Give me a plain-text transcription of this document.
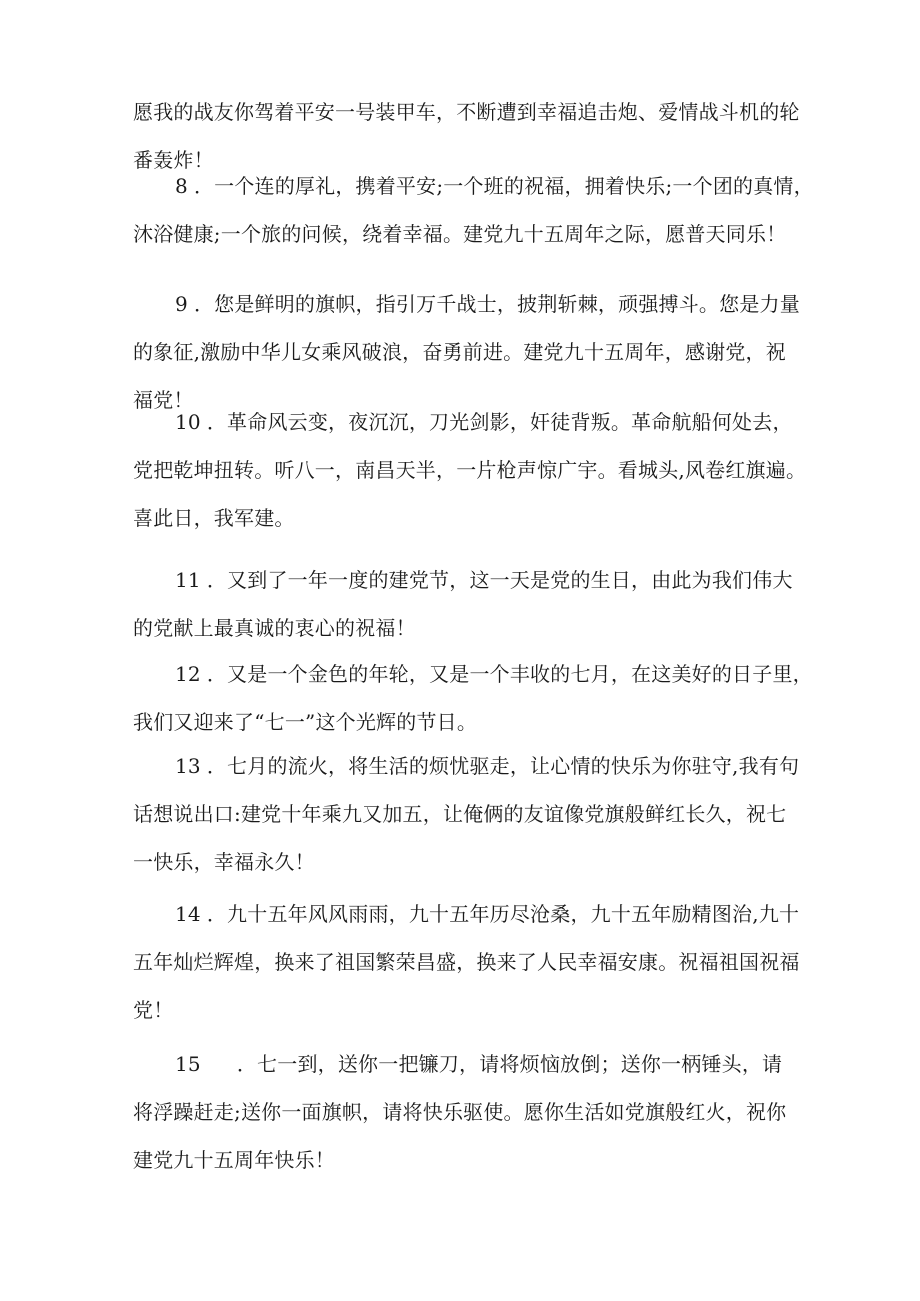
愿我的战友你驾着平安一号装甲车，不断遭到幸福追击炮、爱情战斗机的轮
番轰炸！

8 ．一个连的厚礼，携着平安;一个班的祝福，拥着快乐;一个团的真情，
沐浴健康;一个旅的问候，绕着幸福。建党九十五周年之际，愿普天同乐！

9 ．您是鲜明的旗帜，指引万千战士，披荆斩棘，顽强搏斗。您是力量
的象征,激励中华儿女乘风破浪，奋勇前进。建党九十五周年，感谢党，祝
福党！

10 ．革命风云变，夜沉沉，刀光剑影，奸徒背叛。革命航船何处去，
党把乾坤扭转。听八一，南昌天半，一片枪声惊广宇。看城头,风卷红旗遍。
喜此日，我军建。

11 ．又到了一年一度的建党节，这一天是党的生日，由此为我们伟大
的党献上最真诚的衷心的祝福！

12 ．又是一个金色的年轮，又是一个丰收的七月，在这美好的日子里，
我们又迎来了“七一”这个光辉的节日。

13 ．七月的流火，将生活的烦忧驱走，让心情的快乐为你驻守,我有句
话想说出口:建党十年乘九又加五，让俺俩的友谊像党旗般鲜红长久，祝七
一快乐，幸福永久！

14 ．九十五年风风雨雨，九十五年历尽沧桑，九十五年励精图治,九十
五年灿烂辉煌，换来了祖国繁荣昌盛，换来了人民幸福安康。祝福祖国祝福
党！

15 ．七一到，送你一把镰刀，请将烦恼放倒；送你一柄锤头，请
将浮躁赶走;送你一面旗帜，请将快乐驱使。愿你生活如党旗般红火，祝你
建党九十五周年快乐！
